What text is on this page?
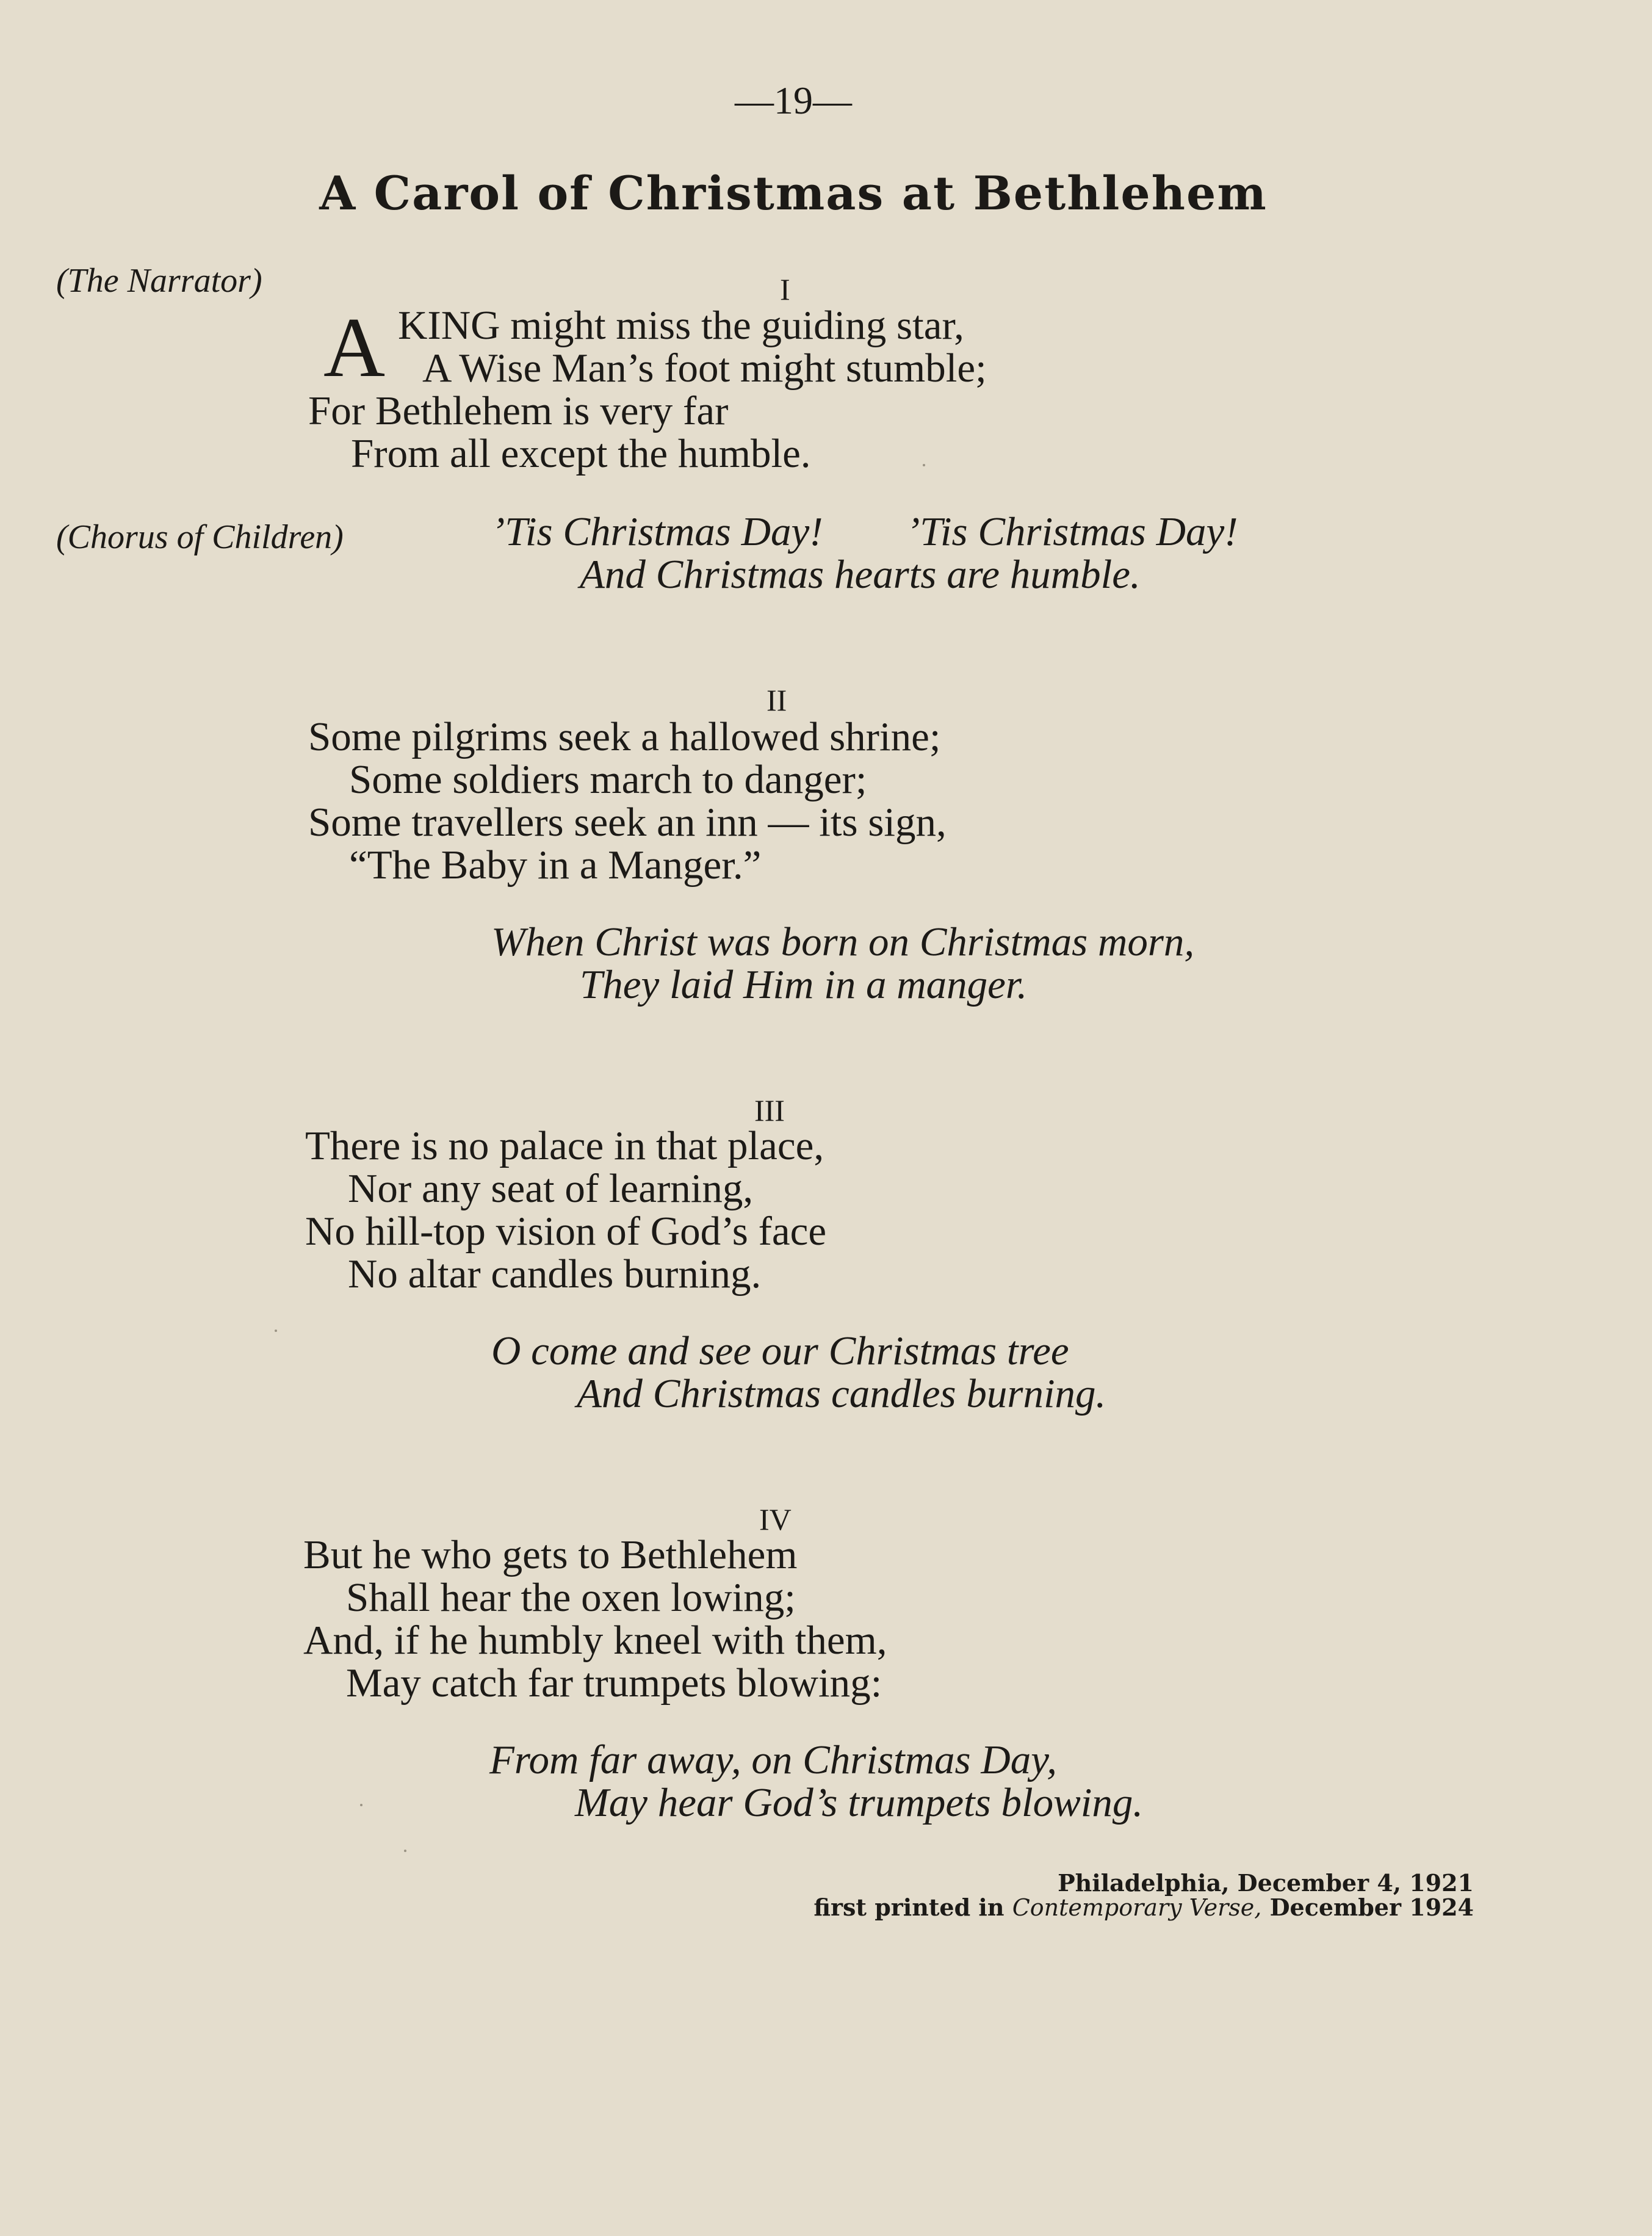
—19—

A Carol of Christmas at Bethlehem
(The Narrator)	I
A KING might miss the guiding star,
A Wise Man’s foot might stumble;
For Bethlehem is very far
From all except the humble.
(Chorus of Children)	’Tis Christmas Day! ’Tis Christmas Day!
And Christmas hearts are humble.
II
Some pilgrims seek a hallowed shrine;
Some soldiers march to danger;
Some travellers seek an inn — its sign,
“The Baby in a Manger.”
When Christ was born on Christmas morn,
They laid Him in a manger.
III
There is no palace in that place,
Nor any seat of learning,
No hill-top vision of God’s face
No altar candles burning.
O come and see our Christmas tree
And Christmas candles burning.
IV
But he who gets to Bethlehem
Shall hear the oxen lowing;
And, if he humbly kneel with them,
May catch far trumpets blowing:
From far away, on Christmas Day,
May hear God’s trumpets blowing.
Philadelphia, December 4, 1921
first printed in Contemporary Verse, December 1924
